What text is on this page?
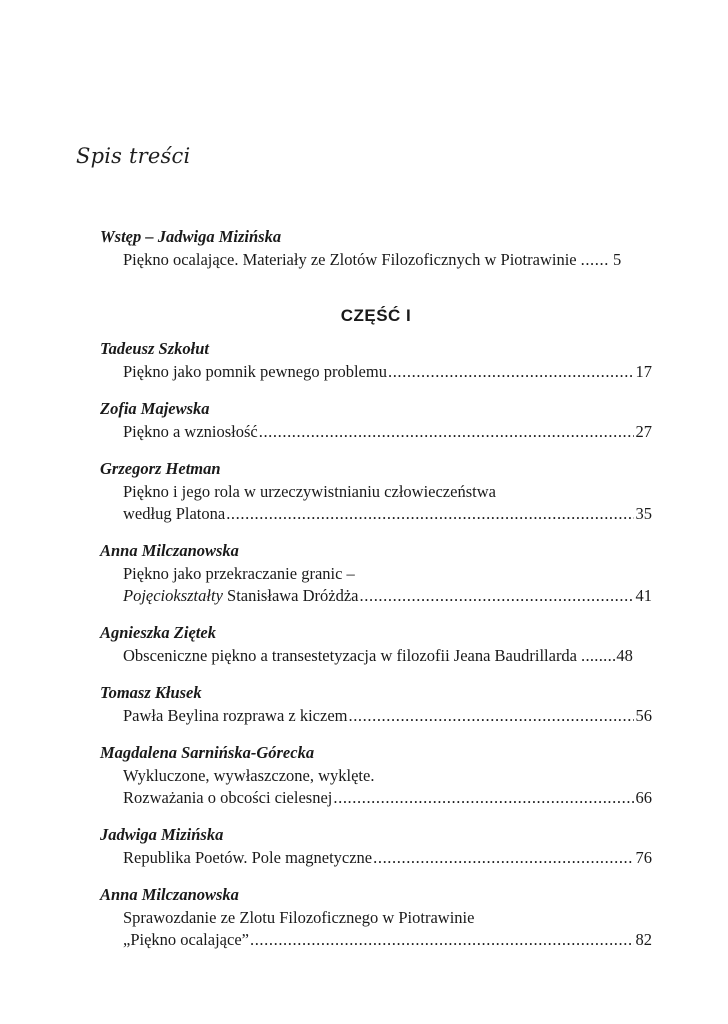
Spis treści
Wstęp – Jadwiga Mizińska
Piękno ocalające. Materiały ze Zlotów Filozoficznych w Piotrawinie ...... 5
CZĘŚĆ I
Tadeusz Szkołut
Piękno jako pomnik pewnego problemu .....	17
Zofia Majewska
Piękno a wzniosłość .....	27
Grzegorz Hetman
Piękno i jego rola w urzeczywistnianiu człowieczeństwa
według Platona .....	35
Anna Milczanowska
Piękno jako przekraczanie granic –
Pojęciokształty Stanisława Dróżdża .....	41
Agnieszka Ziętek
Obsceniczne piękno a transestetyzacja w filozofii Jeana Baudrillarda ........ 48
Tomasz Kłusek
Pawła Beylina rozprawa z kiczem .....	56
Magdalena Sarnińska-Górecka
Wykluczone, wywłaszczone, wyklęte.
Rozważania o obcości cielesnej .....	66
Jadwiga Mizińska
Republika Poetów. Pole magnetyczne .....	76
Anna Milczanowska
Sprawozdanie ze Zlotu Filozoficznego w Piotrawinie
„Piękno ocalające” .....	82
